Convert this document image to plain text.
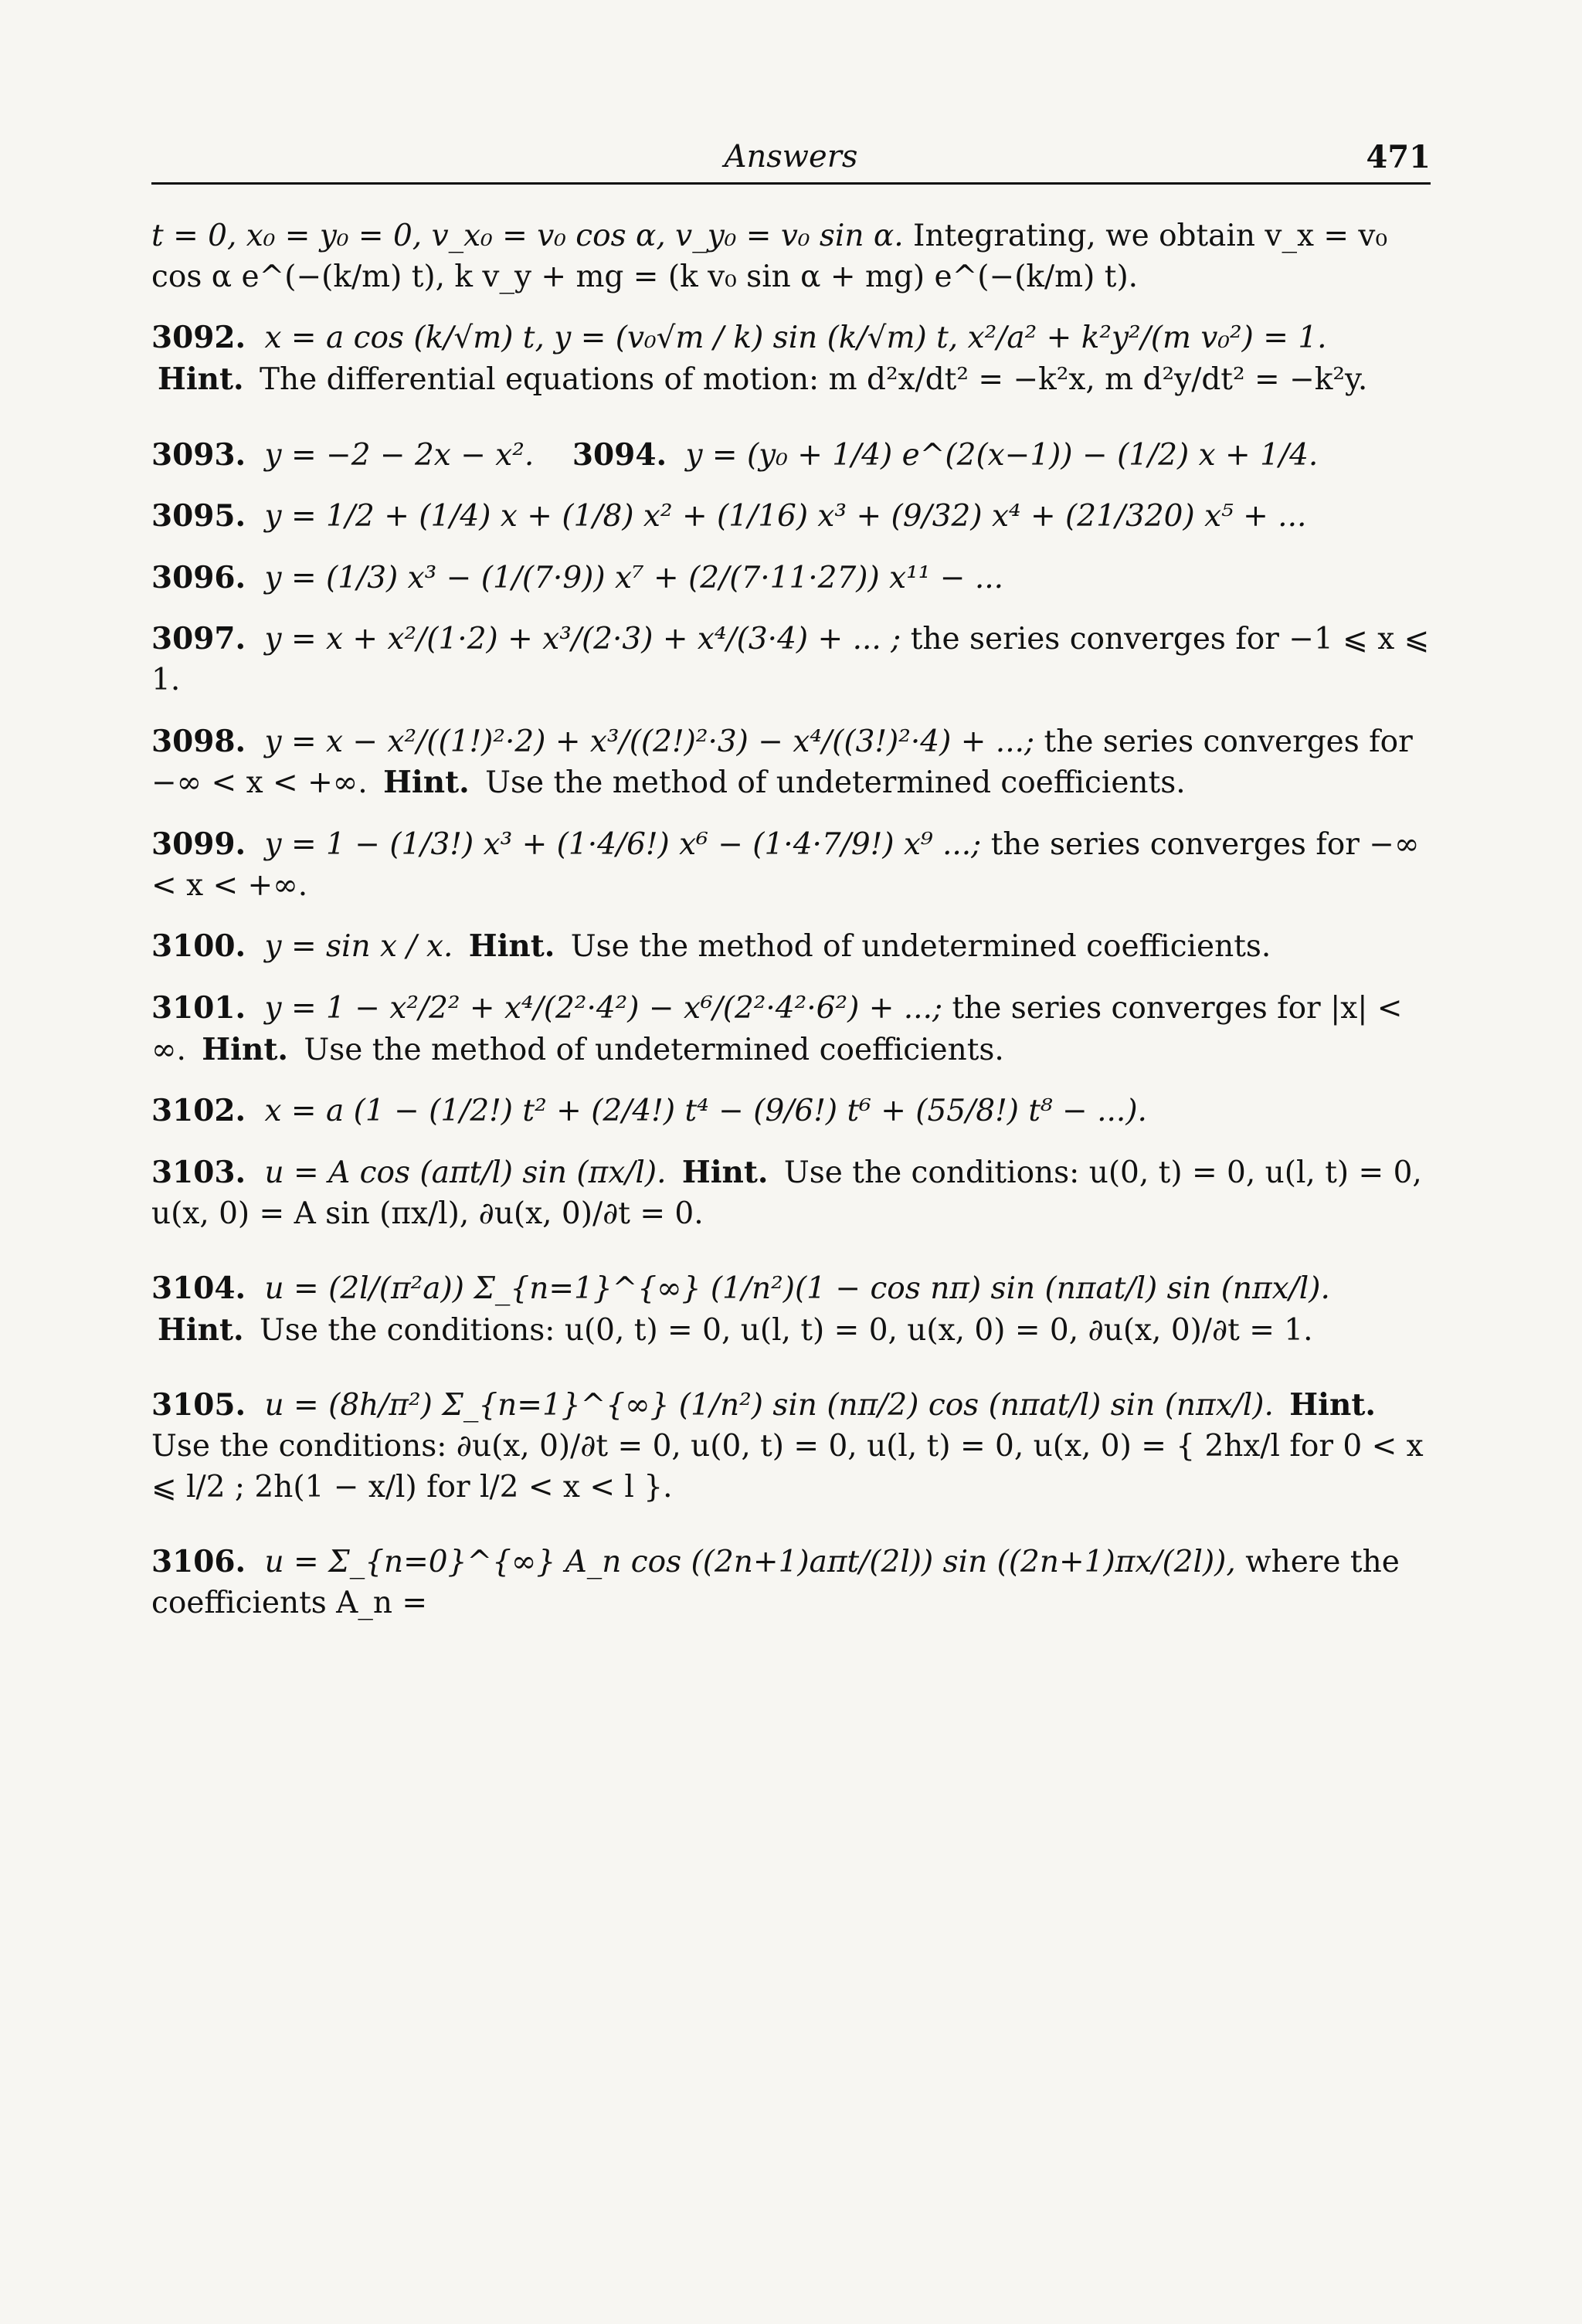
Answers	471
t = 0, x₀ = y₀ = 0, v_x₀ = v₀ cos α, v_y₀ = v₀ sin α. Integrating, we obtain v_x = v₀ cos α e^(−(k/m) t), k v_y + mg = (k v₀ sin α + mg) e^(−(k/m) t).
3092. x = a cos (k/√m) t, y = (v₀√m / k) sin (k/√m) t, x²/a² + k²y²/(m v₀²) = 1. Hint. The differential equations of motion: m d²x/dt² = −k²x, m d²y/dt² = −k²y.
3093. y = −2 − 2x − x². 3094. y = (y₀ + 1/4) e^(2(x−1)) − (1/2) x + 1/4.
3095. y = 1/2 + (1/4) x + (1/8) x² + (1/16) x³ + (9/32) x⁴ + (21/320) x⁵ + ...
3096. y = (1/3) x³ − (1/(7·9)) x⁷ + (2/(7·11·27)) x¹¹ − ...
3097. y = x + x²/(1·2) + x³/(2·3) + x⁴/(3·4) + ... ; the series converges for −1 ⩽ x ⩽ 1.
3098. y = x − x²/((1!)²·2) + x³/((2!)²·3) − x⁴/((3!)²·4) + ...; the series converges for −∞ < x < +∞. Hint. Use the method of undetermined coefficients.
3099. y = 1 − (1/3!) x³ + (1·4/6!) x⁶ − (1·4·7/9!) x⁹ ...; the series converges for −∞ < x < +∞.
3100. y = sin x / x. Hint. Use the method of undetermined coefficients.
3101. y = 1 − x²/2² + x⁴/(2²·4²) − x⁶/(2²·4²·6²) + ...; the series converges for |x| < ∞. Hint. Use the method of undetermined coefficients.
3102. x = a (1 − (1/2!) t² + (2/4!) t⁴ − (9/6!) t⁶ + (55/8!) t⁸ − ...).
3103. u = A cos (aπt/l) sin (πx/l). Hint. Use the conditions: u(0, t) = 0, u(l, t) = 0, u(x, 0) = A sin (πx/l), ∂u(x, 0)/∂t = 0.
3104. u = (2l/(π²a)) Σ_{n=1}^{∞} (1/n²)(1 − cos nπ) sin (nπat/l) sin (nπx/l). Hint. Use the conditions: u(0, t) = 0, u(l, t) = 0, u(x, 0) = 0, ∂u(x, 0)/∂t = 1.
3105. u = (8h/π²) Σ_{n=1}^{∞} (1/n²) sin (nπ/2) cos (nπat/l) sin (nπx/l). Hint. Use the conditions: ∂u(x, 0)/∂t = 0, u(0, t) = 0, u(l, t) = 0, u(x, 0) = { 2hx/l for 0 < x ⩽ l/2 ; 2h(1 − x/l) for l/2 < x < l }.
3106. u = Σ_{n=0}^{∞} A_n cos ((2n+1)aπt/(2l)) sin ((2n+1)πx/(2l)), where the coefficients A_n =
